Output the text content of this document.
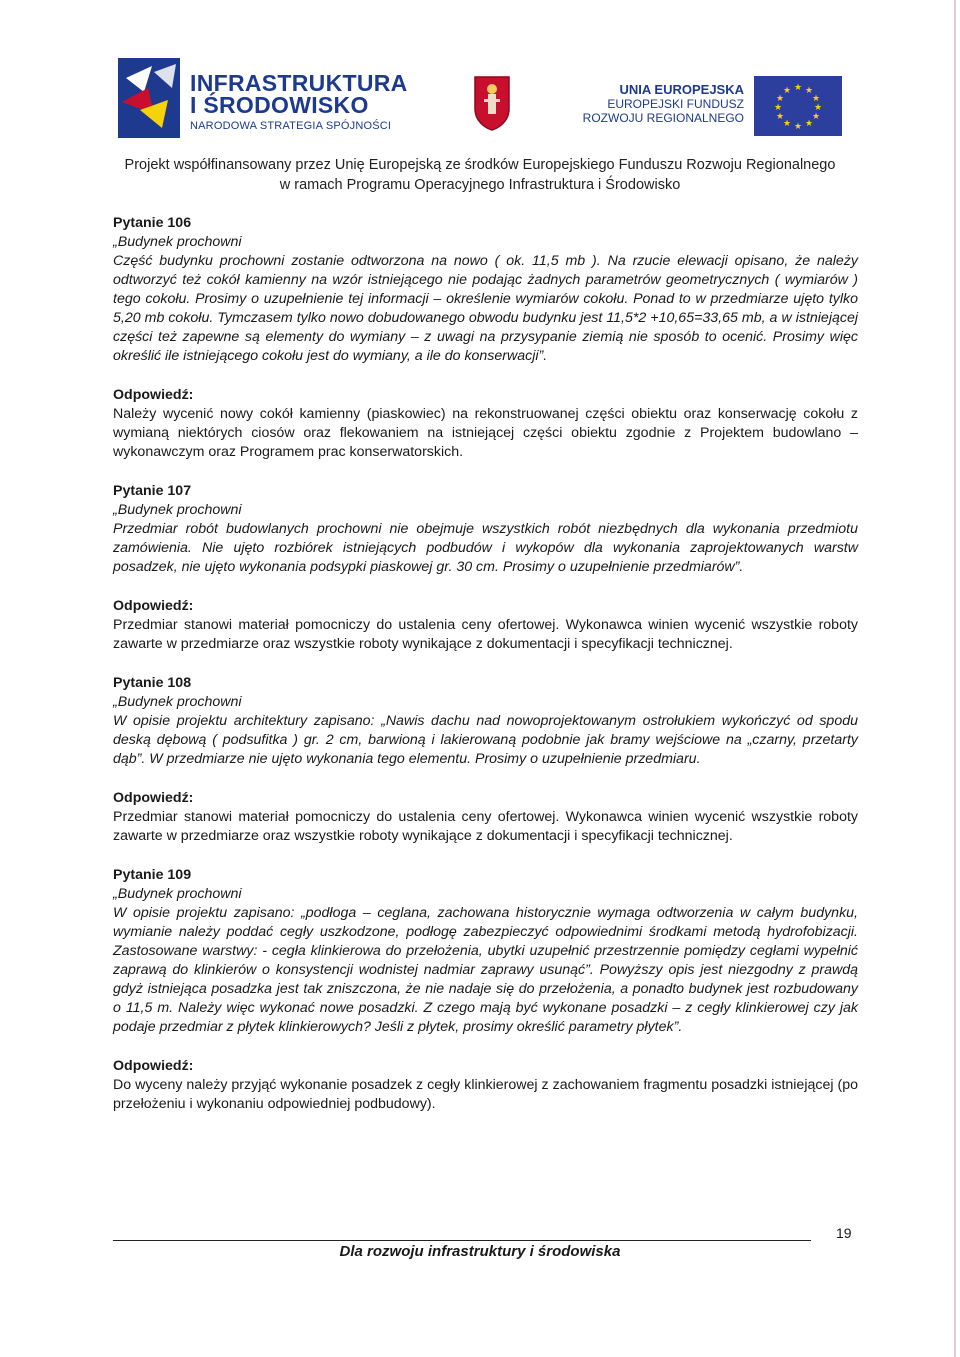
INFRASTRUKTURA
I ŚRODOWISKO
NARODOWA STRATEGIA SPÓJNOŚCI
UNIA EUROPEJSKA
EUROPEJSKI FUNDUSZ
ROZWOJU REGIONALNEGO
★ ★
★
★
★
★
★
★
★
★
★
★
Projekt współfinansowany przez Unię Europejską ze środków Europejskiego Funduszu Rozwoju Regionalnego
w ramach Programu Operacyjnego Infrastruktura i Środowisko
Pytanie 106
„Budynek prochowni
Część budynku prochowni zostanie odtworzona na nowo ( ok. 11,5 mb ). Na rzucie elewacji opisano, że należy odtworzyć też cokół kamienny na wzór istniejącego nie podając żadnych parametrów geometrycznych ( wymiarów ) tego cokołu. Prosimy o uzupełnienie tej informacji – określenie wymiarów cokołu. Ponad to w przedmiarze ujęto tylko 5,20 mb cokołu. Tymczasem tylko nowo dobudowanego obwodu budynku jest 11,5*2 +10,65=33,65 mb, a w istniejącej części też zapewne są elementy do wymiany – z uwagi na przysypanie ziemią nie sposób to ocenić. Prosimy więc określić ile istniejącego cokołu jest do wymiany, a ile do konserwacji”.
Odpowiedź:
Należy wycenić nowy cokół kamienny (piaskowiec) na rekonstruowanej części obiektu oraz konserwację cokołu z wymianą niektórych ciosów oraz flekowaniem na istniejącej części obiektu zgodnie z Projektem budowlano – wykonawczym oraz Programem prac konserwatorskich.
Pytanie 107
„Budynek prochowni
Przedmiar robót budowlanych prochowni nie obejmuje wszystkich robót niezbędnych dla wykonania przedmiotu zamówienia. Nie ujęto rozbiórek istniejących podbudów i wykopów dla wykonania zaprojektowanych warstw posadzek, nie ujęto wykonania podsypki piaskowej gr. 30 cm. Prosimy o uzupełnienie przedmiarów”.
Odpowiedź:
Przedmiar stanowi materiał pomocniczy do ustalenia ceny ofertowej. Wykonawca winien wycenić wszystkie roboty zawarte w przedmiarze oraz wszystkie roboty wynikające z dokumentacji i specyfikacji technicznej.
Pytanie 108
„Budynek prochowni
W opisie projektu architektury zapisano: „Nawis dachu nad nowoprojektowanym ostrołukiem wykończyć od spodu deską dębową ( podsufitka ) gr. 2 cm, barwioną i lakierowaną podobnie jak bramy wejściowe na „czarny, przetarty dąb”. W przedmiarze nie ujęto wykonania tego elementu. Prosimy o uzupełnienie przedmiaru.
Odpowiedź:
Przedmiar stanowi materiał pomocniczy do ustalenia ceny ofertowej. Wykonawca winien wycenić wszystkie roboty zawarte w przedmiarze oraz wszystkie roboty wynikające z dokumentacji i specyfikacji technicznej.
Pytanie 109
„Budynek prochowni
W opisie projektu zapisano: „podłoga – ceglana, zachowana historycznie wymaga odtworzenia w całym budynku, wymianie należy poddać cegły uszkodzone, podłogę zabezpieczyć odpowiednimi środkami metodą hydrofobizacji. Zastosowane warstwy: - cegła klinkierowa do przełożenia, ubytki uzupełnić przestrzennie pomiędzy cegłami wypełnić zaprawą do klinkierów o konsystencji wodnistej nadmiar zaprawy usunąć”. Powyższy opis jest niezgodny z prawdą gdyż istniejąca posadzka jest tak zniszczona, że nie nadaje się do przełożenia, a ponadto budynek jest rozbudowany o 11,5 m. Należy więc wykonać nowe posadzki. Z czego mają być wykonane posadzki – z cegły klinkierowej czy jak podaje przedmiar z płytek klinkierowych? Jeśli z płytek, prosimy określić parametry płytek”.
Odpowiedź:
Do wyceny należy przyjąć wykonanie posadzek z cegły klinkierowej z zachowaniem fragmentu posadzki istniejącej (po przełożeniu i wykonaniu odpowiedniej podbudowy).
19
Dla rozwoju infrastruktury i środowiska
